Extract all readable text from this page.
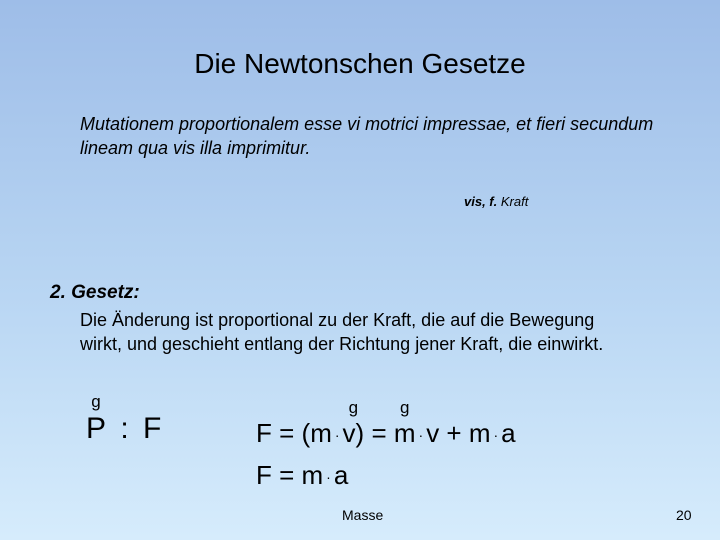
Die Newtonschen Gesetze
Mutationem proportionalem esse vi motrici impressae, et fieri secundum lineam qua vis illa imprimitur.
vis, f. Kraft
2. Gesetz:
Die Änderung ist proportional zu der Kraft, die auf die Bewegung wirkt, und geschieht entlang der Richtung jener Kraft, die einwirkt.
g
P : F	F = (m ·
g
v) =
g
m · v + m · a
F = m · a
Masse	20
